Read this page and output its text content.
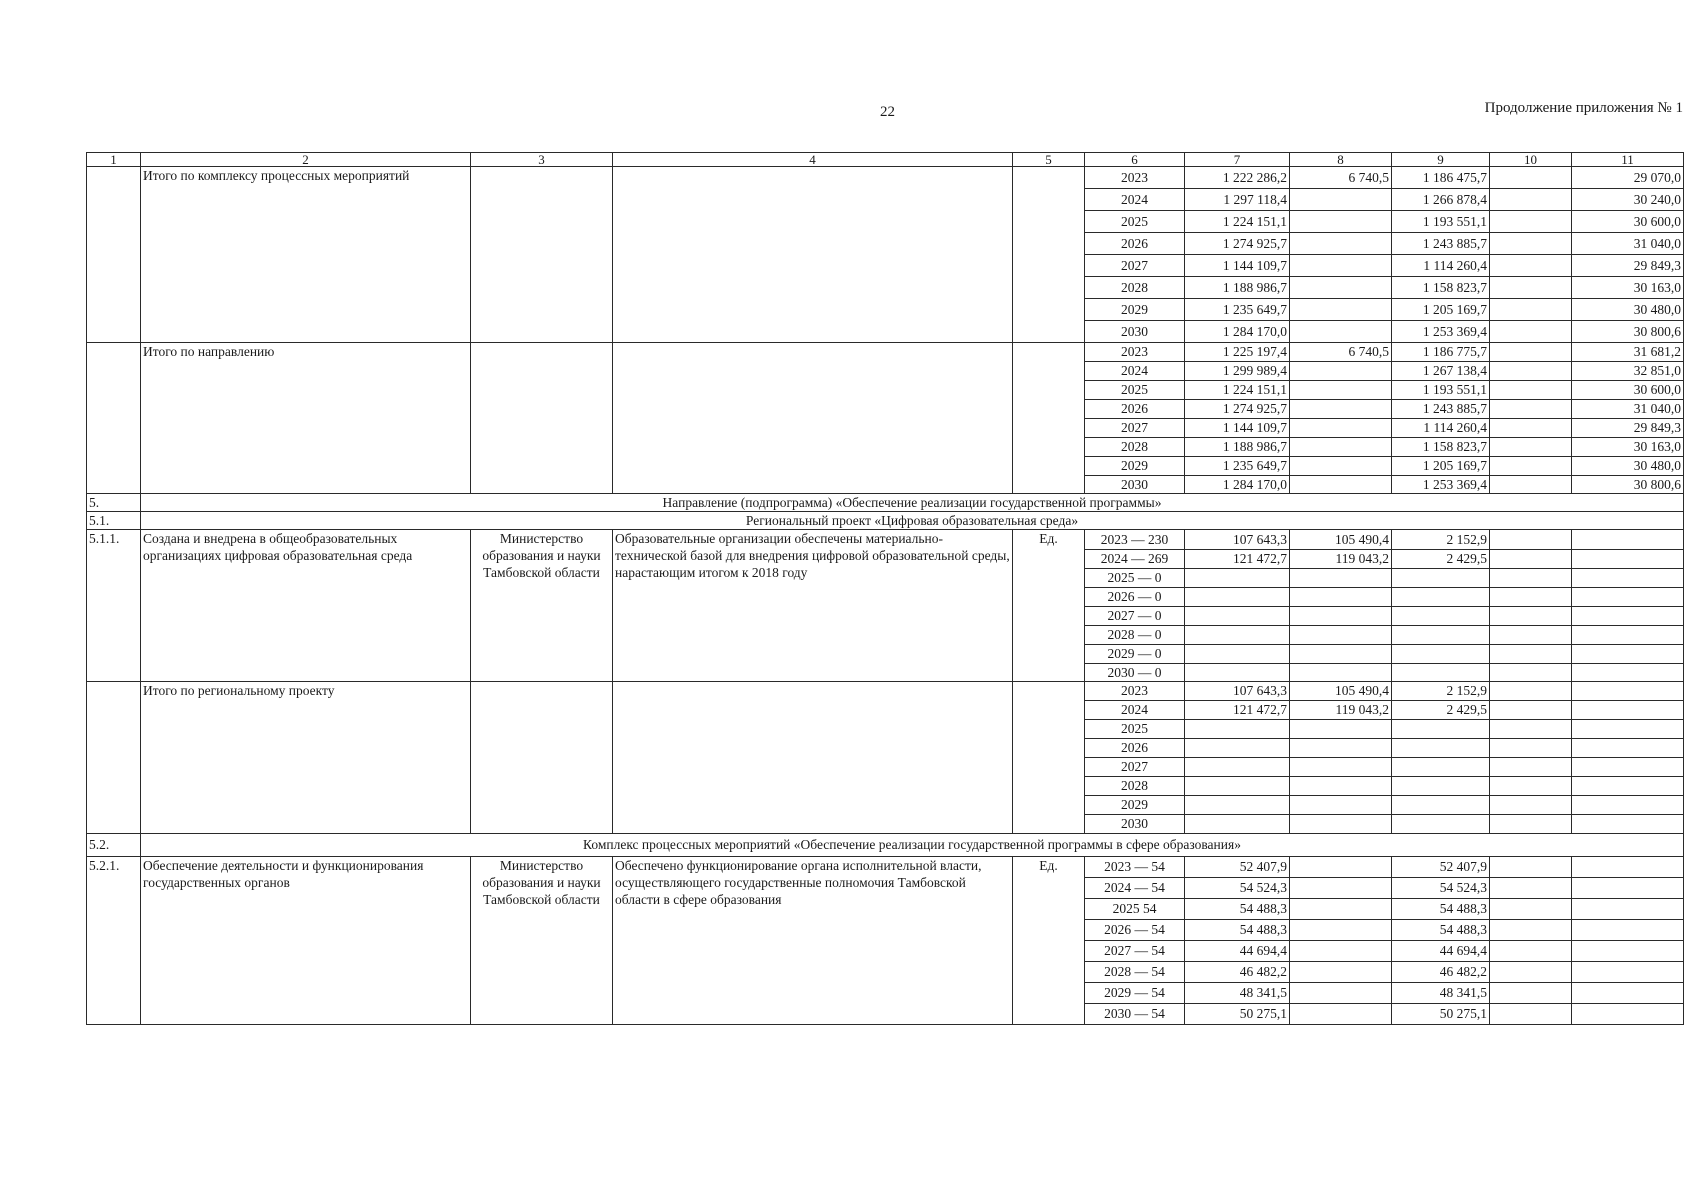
22	Продолжение приложения № 1
1	2	3	4	5	6	7	8	9	10	11
	Итого по комплексу процессных мероприятий				2023	1 222 286,2	6 740,5	1 186 475,7		29 070,0
					2024	1 297 118,4		1 266 878,4		30 240,0
					2025	1 224 151,1		1 193 551,1		30 600,0
					2026	1 274 925,7		1 243 885,7		31 040,0
					2027	1 144 109,7		1 114 260,4		29 849,3
					2028	1 188 986,7		1 158 823,7		30 163,0
					2029	1 235 649,7		1 205 169,7		30 480,0
					2030	1 284 170,0		1 253 369,4		30 800,6
	Итого по направлению				2023	1 225 197,4	6 740,5	1 186 775,7		31 681,2
					2024	1 299 989,4		1 267 138,4		32 851,0
					2025	1 224 151,1		1 193 551,1		30 600,0
					2026	1 274 925,7		1 243 885,7		31 040,0
					2027	1 144 109,7		1 114 260,4		29 849,3
					2028	1 188 986,7		1 158 823,7		30 163,0
					2029	1 235 649,7		1 205 169,7		30 480,0
					2030	1 284 170,0		1 253 369,4		30 800,6
5.	Направление (подпрограмма) «Обеспечение реализации государственной программы»									
5.1.	Региональный проект «Цифровая образовательная среда»									
5.1.1.	Создана и внедрена в общеобразовательных организациях цифровая образовательная среда	Министерство образования и науки Тамбовской области	Образовательные организации обеспечены материально-технической базой для внедрения цифровой образовательной среды, нарастающим итогом к 2018 году	Ед.	2023 — 230	107 643,3	105 490,4	2 152,9		
					2024 — 269	121 472,7	119 043,2	2 429,5		
					2025 — 0					
					2026 — 0					
					2027 — 0					
					2028 — 0					
					2029 — 0					
					2030 — 0					
	Итого по региональному проекту				2023	107 643,3	105 490,4	2 152,9		
					2024	121 472,7	119 043,2	2 429,5		
					2025					
					2026					
					2027					
					2028					
					2029					
					2030					
5.2.	Комплекс процессных мероприятий «Обеспечение реализации государственной программы в сфере образования»									
5.2.1.	Обеспечение деятельности и функционирования государственных органов	Министерство образования и науки Тамбовской области	Обеспечено функционирование органа исполнительной власти, осуществляющего государственные полномочия Тамбовской области в сфере образования	Ед.	2023 — 54	52 407,9		52 407,9		
					2024 — 54	54 524,3		54 524,3		
					2025 54	54 488,3		54 488,3		
					2026 — 54	54 488,3		54 488,3		
					2027 — 54	44 694,4		44 694,4		
					2028 — 54	46 482,2		46 482,2		
					2029 — 54	48 341,5		48 341,5		
					2030 — 54	50 275,1		50 275,1		
